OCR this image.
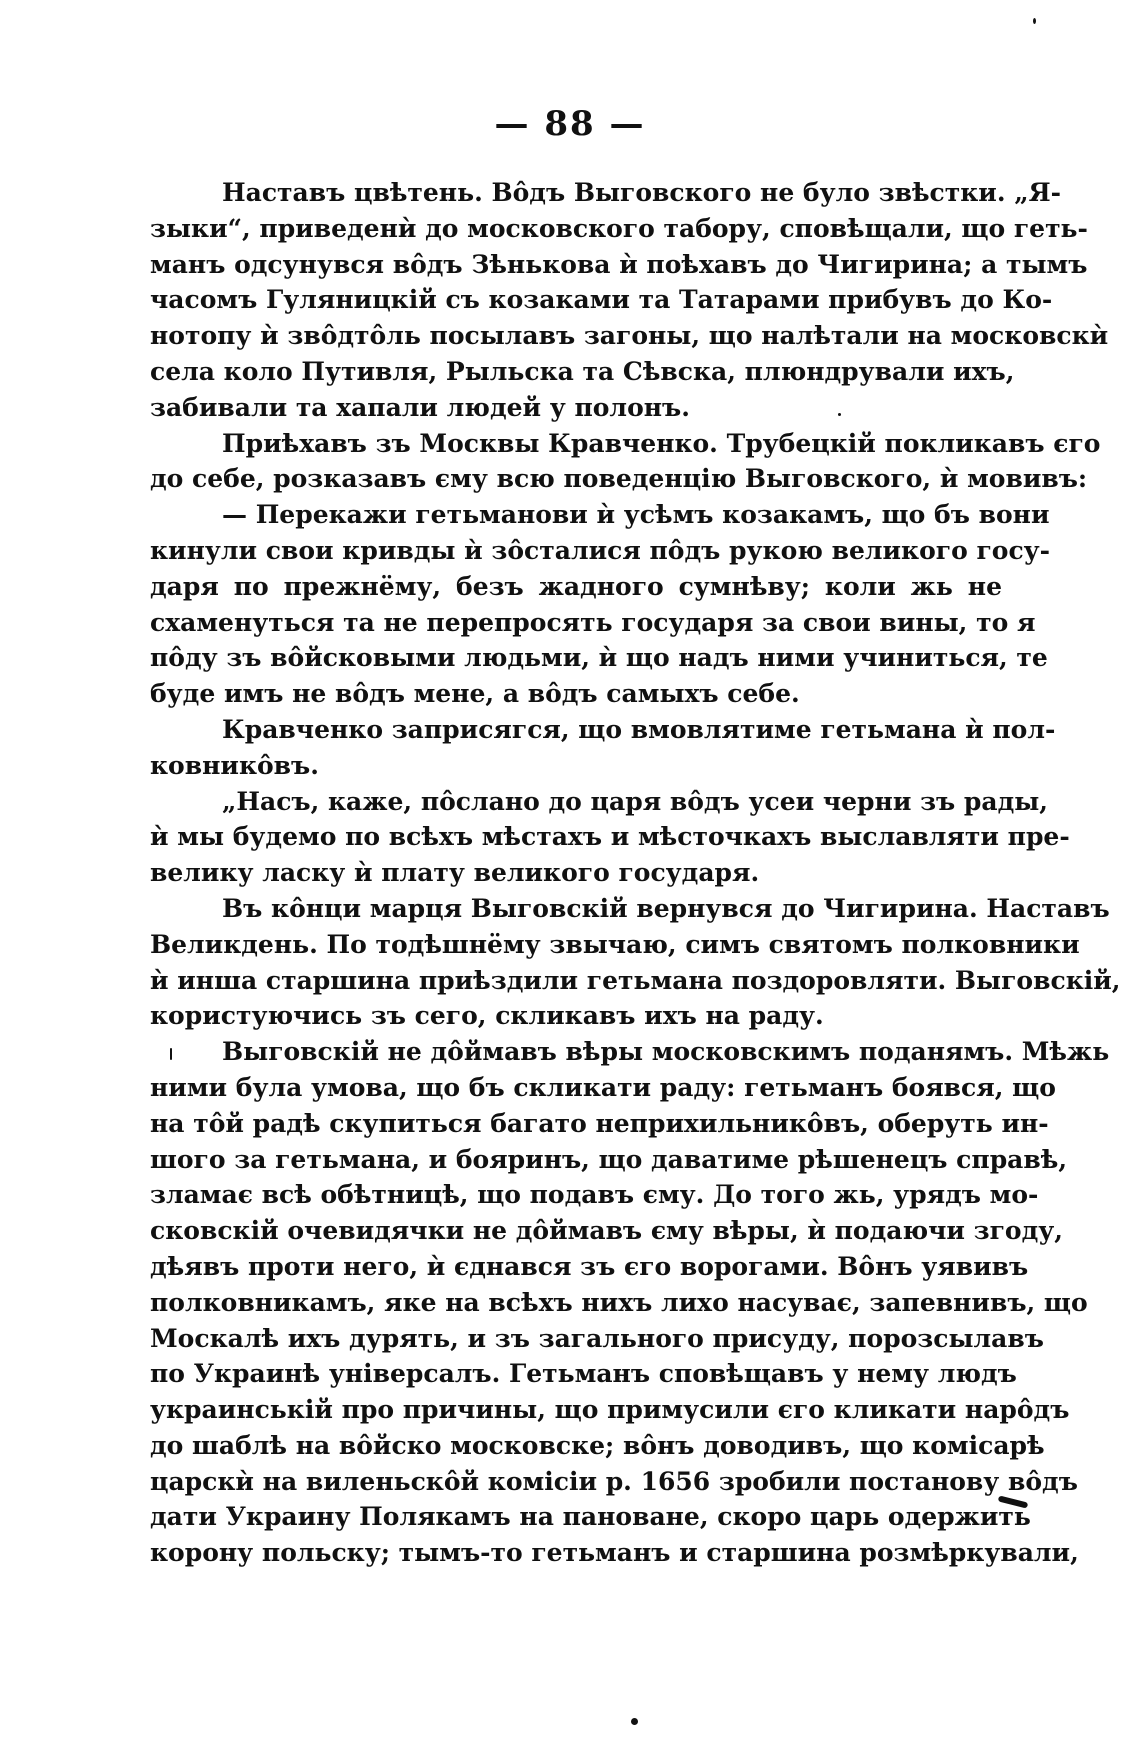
— 88 —
Наставъ цвѣтень. Вôдъ Выговского не було звѣстки. „Я-
зыки“, приведенѝ до московского табору, сповѣщали, що геть-
манъ одсунувся вôдъ Зѣнькова ѝ поѣхавъ до Чигирина; а тымъ
часомъ Гуляницкій съ козаками та Татарами прибувъ до Ко-
нотопу ѝ звôдтôль посылавъ загоны, що налѣтали на московскѝ
села коло Путивля, Рыльска та Сѣвска, плюндрували ихъ,
забивали та хапали людей у полонъ.
Приѣхавъ зъ Москвы Кравченко. Трубецкій покликавъ єго
до себе, розказавъ єму всю поведенцію Выговского, ѝ мовивъ:
— Перекажи гетьманови ѝ усѣмъ козакамъ, що бъ вони
кинули свои кривды ѝ зôсталися пôдъ рукою великого госу-
даря по прежнёму, безъ жадного сумнѣву; коли жь не
схаменуться та не перепросять государя за свои вины, то я
пôду зъ вôйсковыми людьми, ѝ що надъ ними учиниться, те
буде имъ не вôдъ мене, а вôдъ самыхъ себе.
Кравченко заприсягся, що вмовлятиме гетьмана ѝ пол-
ковникôвъ.
„Насъ, каже, пôслано до царя вôдъ усеи черни зъ рады,
ѝ мы будемо по всѣхъ мѣстахъ и мѣсточкахъ выславляти пре-
велику ласку ѝ плату великого государя.
Въ кôнци марця Выговскій вернувся до Чигирина. Наставъ
Великдень. По тодѣшнёму звычаю, симъ святомъ полковники
ѝ инша старшина приѣздили гетьмана поздоровляти. Выговскій,
користуючись зъ сего, скликавъ ихъ на раду.
Выговскій не дôймавъ вѣры московскимъ поданямъ. Мѣжь
ними була умова, що бъ скликати раду: гетьманъ боявся, що
на тôй радѣ скупиться багато неприхильникôвъ, оберуть ин-
шого за гетьмана, и бояринъ, що даватиме рѣшенецъ справѣ,
зламає всѣ обѣтницѣ, що подавъ єму. До того жь, урядъ мо-
сковскій очевидячки не дôймавъ єму вѣры, ѝ подаючи згоду,
дѣявъ проти него, ѝ єднався зъ єго ворогами. Вôнъ уявивъ
полковникамъ, яке на всѣхъ нихъ лихо насуває, запевнивъ, що
Москалѣ ихъ дурять, и зъ загального присуду, порозсылавъ
по Украинѣ універсалъ. Гетьманъ сповѣщавъ у нему людъ
украинській про причины, що примусили єго кликати нарôдъ
до шаблѣ на вôйско московске; вôнъ доводивъ, що комісарѣ
царскѝ на виленьскôй комісіи р. 1656 зробили постанову вôдъ
дати Украину Полякамъ на пановане, скоро царь одержить
корону польску; тымъ-то гетьманъ и старшина розмѣркували,
